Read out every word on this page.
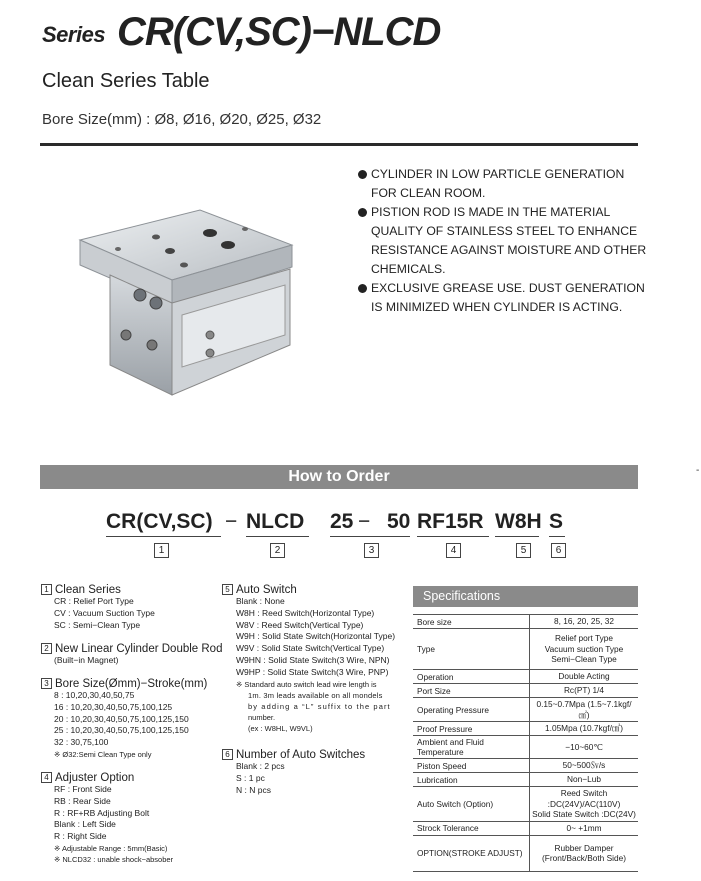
Series CR(CV,SC)−NLCD
Clean Series Table
Bore Size(mm) : Ø8, Ø16, Ø20, Ø25, Ø32
CYLINDER IN LOW PARTICLE GENERATION FOR CLEAN ROOM.
PISTION ROD IS MADE IN THE MATERIAL QUALITY OF STAINLESS STEEL TO ENHANCE RESISTANCE AGAINST MOISTURE AND OTHER CHEMICALS.
EXCLUSIVE GREASE USE. DUST GENERATION IS MINIMIZED WHEN CYLINDER IS ACTING.
How to Order	-
CR(CV,SC) − NLCD 25 − 50 RF15R W8H S
1	2	3	4	5	6
1 Clean Series
CR : Relief Port Type
CV : Vacuum Suction Type
SC : Semi−Clean Type
2 New Linear Cylinder Double Rod
(Built−in Magnet)
3 Bore Size(Ømm)−Stroke(mm)
8 : 10,20,30,40,50,75
16 : 10,20,30,40,50,75,100,125
20 : 10,20,30,40,50,75,100,125,150
25 : 10,20,30,40,50,75,100,125,150
32 : 30,75,100
※ Ø32:Semi Clean Type only
4 Adjuster Option
RF : Front Side
RB : Rear Side
R : RF+RB Adjusting Bolt
Blank : Left Side
R : Right Side
※ Adjustable Range : 5mm(Basic)
※ NLCD32 : unable shock−absober
5 Auto Switch
Blank : None
W8H : Reed Switch(Horizontal Type)
W8V : Reed Switch(Vertical Type)
W9H : Solid State Switch(Horizontal Type)
W9V : Solid State Switch(Vertical Type)
W9HN : Solid State Switch(3 Wire, NPN)
W9HP : Solid State Switch(3 Wire, PNP)
※ Standard auto switch lead wire length is
1m. 3m leads available on all mondels
by adding a “L” suffix to the part
number.
(ex : W8HL, W9VL)
6 Number of Auto Switches
Blank : 2 pcs
S : 1 pc
N : N pcs
Specifications
Bore size	8, 16, 20, 25, 32

Type	Relief port Type
Vacuum suction Type
Semi−Clean Type

Operation	Double Acting

Port Size	Rc(PT) 1/4

Operating Pressure	0.15~0.7Mpa (1.5~7.1kgf/㎠)

Proof Pressure	1.05Mpa (10.7kgf/㎠)

Ambient and Fluid Temperature	−10~60℃

Piston Speed	50~500㏜/s

Lubrication	Non−Lub

Auto Switch (Option)	Reed Switch :DC(24V)/AC(110V)
Solid State Switch :DC(24V)

Strock Tolerance	0~ +1mm

OPTION(STROKE ADJUST)	Rubber Damper
(Front/Back/Both Side)
